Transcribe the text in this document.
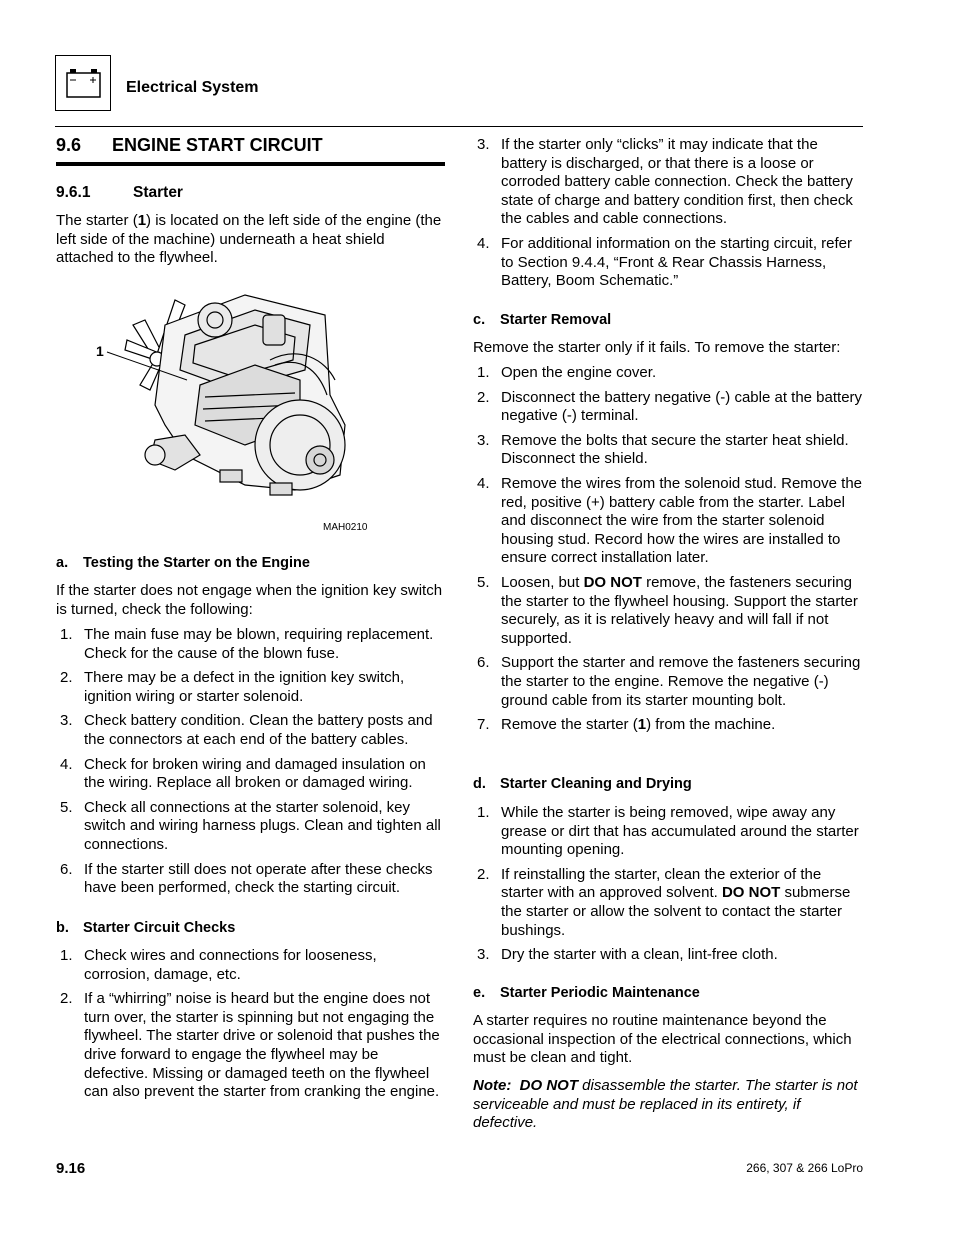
Electrical System
9.6 ENGINE START CIRCUIT
9.6.1	Starter
The starter (1) is located on the left side of the engine (the left side of the machine) underneath a heat shield attached to the flywheel.
1
MAH0210
a. Testing the Starter on the Engine
If the starter does not engage when the ignition key switch is turned, check the following:
1. The main fuse may be blown, requiring replacement. Check for the cause of the blown fuse.
2. There may be a defect in the ignition key switch, ignition wiring or starter solenoid.
3. Check battery condition. Clean the battery posts and the connectors at each end of the battery cables.
4. Check for broken wiring and damaged insulation on the wiring. Replace all broken or damaged wiring.
5. Check all connections at the starter solenoid, key switch and wiring harness plugs. Clean and tighten all connections.
6. If the starter still does not operate after these checks have been performed, check the starting circuit.
b. Starter Circuit Checks
1. Check wires and connections for looseness, corrosion, damage, etc.
2. If a “whirring” noise is heard but the engine does not turn over, the starter is spinning but not engaging the flywheel. The starter drive or solenoid that pushes the drive forward to engage the flywheel may be defective. Missing or damaged teeth on the flywheel can also prevent the starter from cranking the engine.
3. If the starter only “clicks” it may indicate that the battery is discharged, or that there is a loose or corroded battery cable connection. Check the battery state of charge and battery condition first, then check the cables and cable connections.
4. For additional information on the starting circuit, refer to Section 9.4.4, “Front & Rear Chassis Harness, Battery, Boom Schematic.”
c. Starter Removal
Remove the starter only if it fails. To remove the starter:
1. Open the engine cover.
2. Disconnect the battery negative (-) cable at the battery negative (-) terminal.
3. Remove the bolts that secure the starter heat shield. Disconnect the shield.
4. Remove the wires from the solenoid stud. Remove the red, positive (+) battery cable from the starter. Label and disconnect the wire from the starter solenoid housing stud. Record how the wires are installed to ensure correct installation later.
5. Loosen, but DO NOT remove, the fasteners securing the starter to the flywheel housing. Support the starter securely, as it is relatively heavy and will fall if not supported.
6. Support the starter and remove the fasteners securing the starter to the engine. Remove the negative (-) ground cable from its starter mounting bolt.
7. Remove the starter (1) from the machine.
d. Starter Cleaning and Drying
1. While the starter is being removed, wipe away any grease or dirt that has accumulated around the starter mounting opening.
2. If reinstalling the starter, clean the exterior of the starter with an approved solvent. DO NOT submerse the starter or allow the solvent to contact the starter bushings.
3. Dry the starter with a clean, lint-free cloth.
e. Starter Periodic Maintenance
A starter requires no routine maintenance beyond the occasional inspection of the electrical connections, which must be clean and tight.
Note: DO NOT disassemble the starter. The starter is not serviceable and must be replaced in its entirety, if defective.
9.16	266, 307 & 266 LoPro
